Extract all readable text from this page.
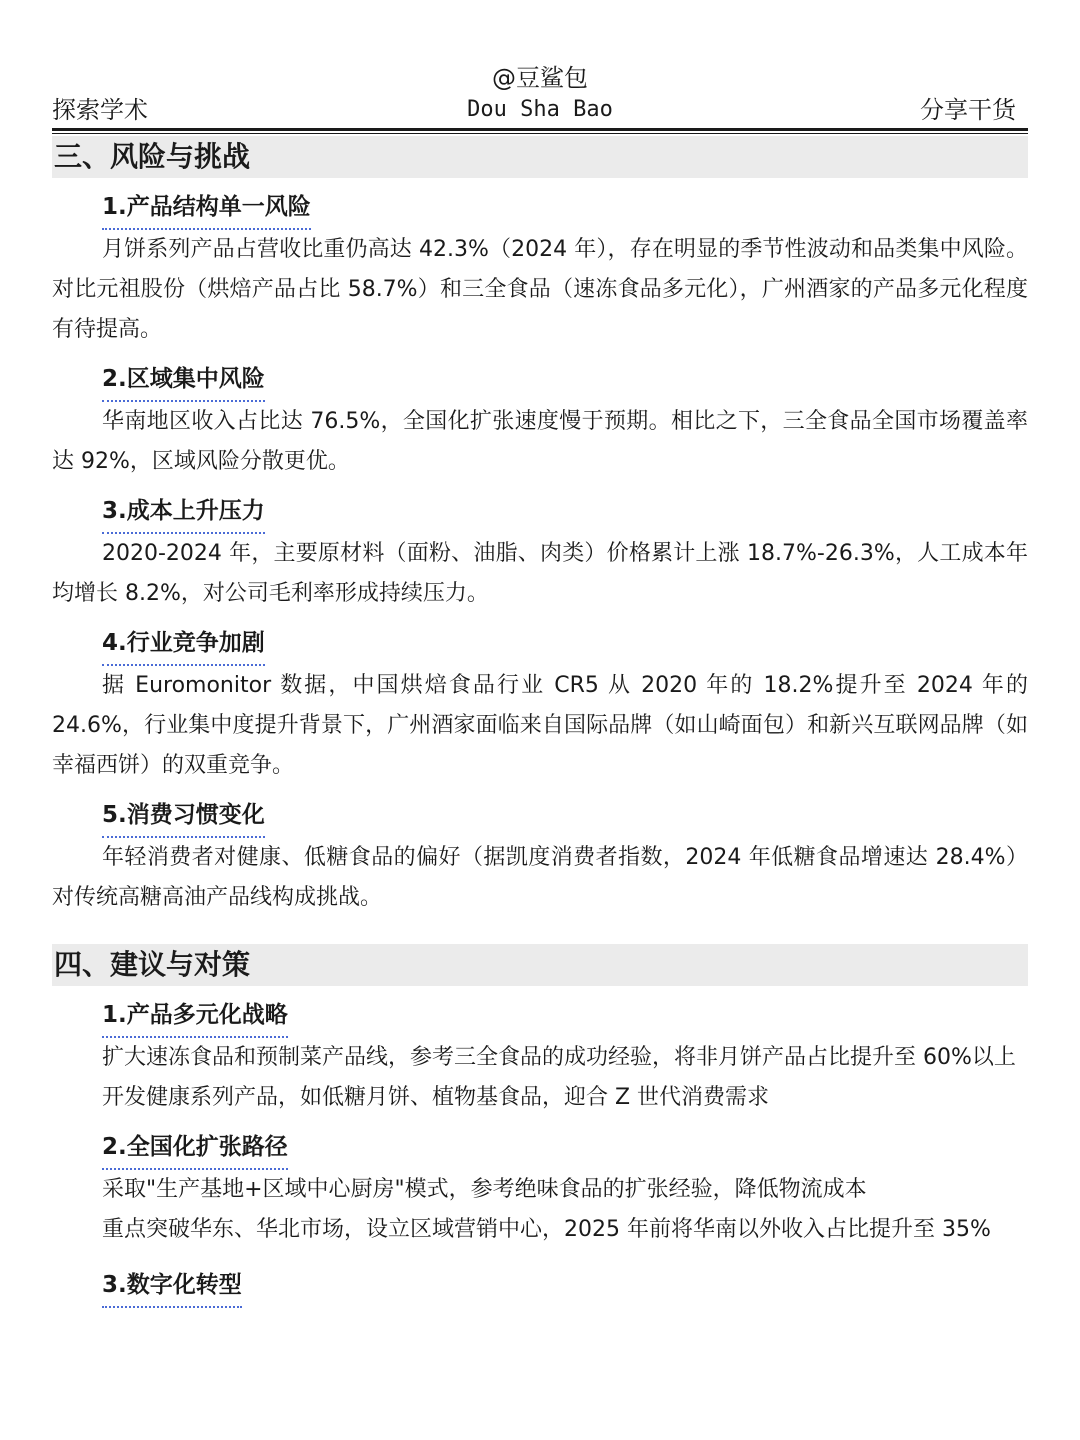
@豆鲨包
探索学术	Dou Sha Bao	分享干货
三、风险与挑战
1.产品结构单一风险

月饼系列产品占营收比重仍高达 42.3%（2024 年），存在明显的季节性波动和品类集中风险。对比元祖股份（烘焙产品占比 58.7%）和三全食品（速冻食品多元化），广州酒家的产品多元化程度有待提高。

2.区域集中风险

华南地区收入占比达 76.5%，全国化扩张速度慢于预期。相比之下，三全食品全国市场覆盖率达 92%，区域风险分散更优。

3.成本上升压力

2020-2024 年，主要原材料（面粉、油脂、肉类）价格累计上涨 18.7%-26.3%，人工成本年均增长 8.2%，对公司毛利率形成持续压力。

4.行业竞争加剧

据 Euromonitor 数据，中国烘焙食品行业 CR5 从 2020 年的 18.2%提升至 2024 年的 24.6%，行业集中度提升背景下，广州酒家面临来自国际品牌（如山崎面包）和新兴互联网品牌（如幸福西饼）的双重竞争。

5.消费习惯变化

年轻消费者对健康、低糖食品的偏好（据凯度消费者指数，2024 年低糖食品增速达 28.4%）对传统高糖高油产品线构成挑战。

四、建议与对策
1.产品多元化战略

扩大速冻食品和预制菜产品线，参考三全食品的成功经验，将非月饼产品占比提升至 60%以上

开发健康系列产品，如低糖月饼、植物基食品，迎合 Z 世代消费需求

2.全国化扩张路径

采取"生产基地+区域中心厨房"模式，参考绝味食品的扩张经验，降低物流成本

重点突破华东、华北市场，设立区域营销中心，2025 年前将华南以外收入占比提升至 35%

3.数字化转型
